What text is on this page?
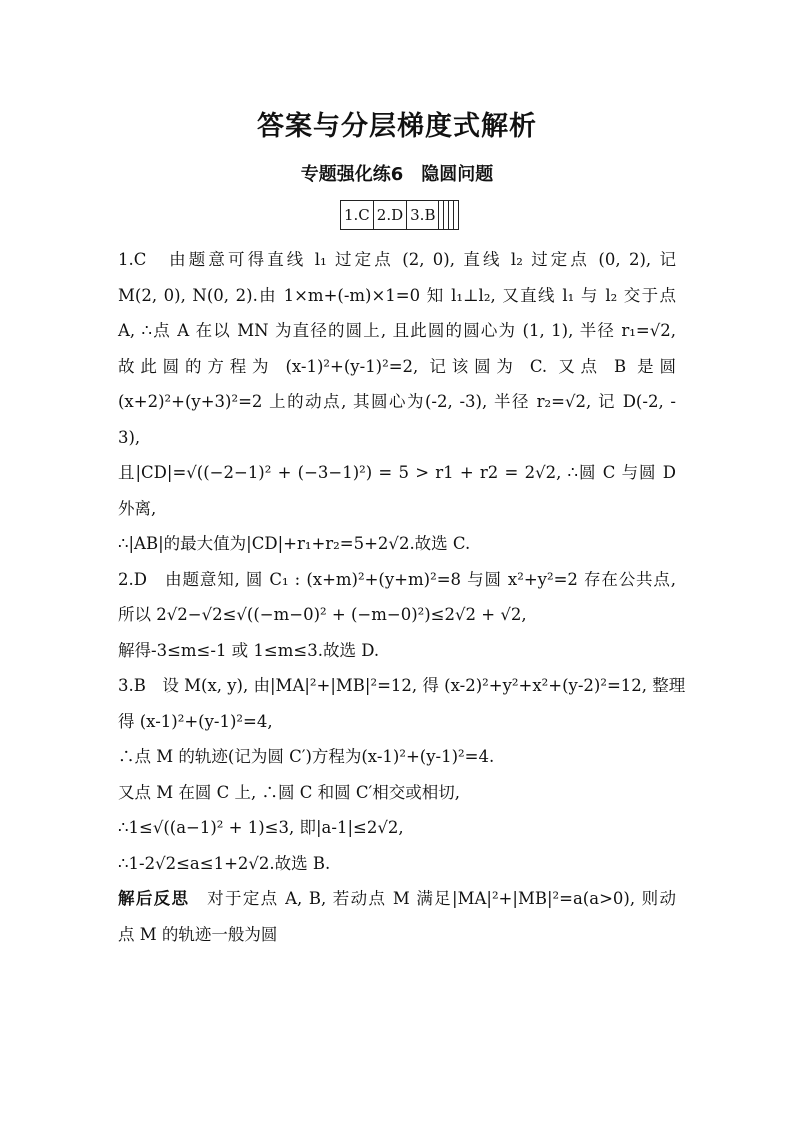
答案与分层梯度式解析
专题强化练6　隐圆问题
1.C	2.D	3.B				
1.C　由题意可得直线 l₁ 过定点 (2, 0), 直线 l₂ 过定点 (0, 2), 记
M(2, 0), N(0, 2).由 1×m+(-m)×1=0 知 l₁⊥l₂, 又直线 l₁ 与 l₂ 交于点
A, ∴点 A 在以 MN 为直径的圆上, 且此圆的圆心为 (1, 1), 半径 r₁=√2,
故此圆的方程为 (x-1)²+(y-1)²=2, 记该圆为 C. 又点 B 是圆
(x+2)²+(y+3)²=2 上的动点, 其圆心为(-2, -3), 半径 r₂=√2, 记 D(-2, -
3),
且|CD|=√((−2−1)² + (−3−1)²) = 5 > r1 + r2 = 2√2, ∴圆 C 与圆 D
外离,
∴|AB|的最大值为|CD|+r₁+r₂=5+2√2.故选 C.
2.D　由题意知, 圆 C₁ : (x+m)²+(y+m)²=8 与圆 x²+y²=2 存在公共点,
所以 2√2−√2≤√((−m−0)² + (−m−0)²)≤2√2 + √2,
解得-3≤m≤-1 或 1≤m≤3.故选 D.
3.B　设 M(x, y), 由|MA|²+|MB|²=12, 得 (x-2)²+y²+x²+(y-2)²=12, 整理
得 (x-1)²+(y-1)²=4,
∴点 M 的轨迹(记为圆 C′)方程为(x-1)²+(y-1)²=4.
又点 M 在圆 C 上, ∴圆 C 和圆 C′相交或相切,
∴1≤√((a−1)² + 1)≤3, 即|a-1|≤2√2,
∴1-2√2≤a≤1+2√2.故选 B.
解后反思　对于定点 A, B, 若动点 M 满足|MA|²+|MB|²=a(a>0), 则动
点 M 的轨迹一般为圆
